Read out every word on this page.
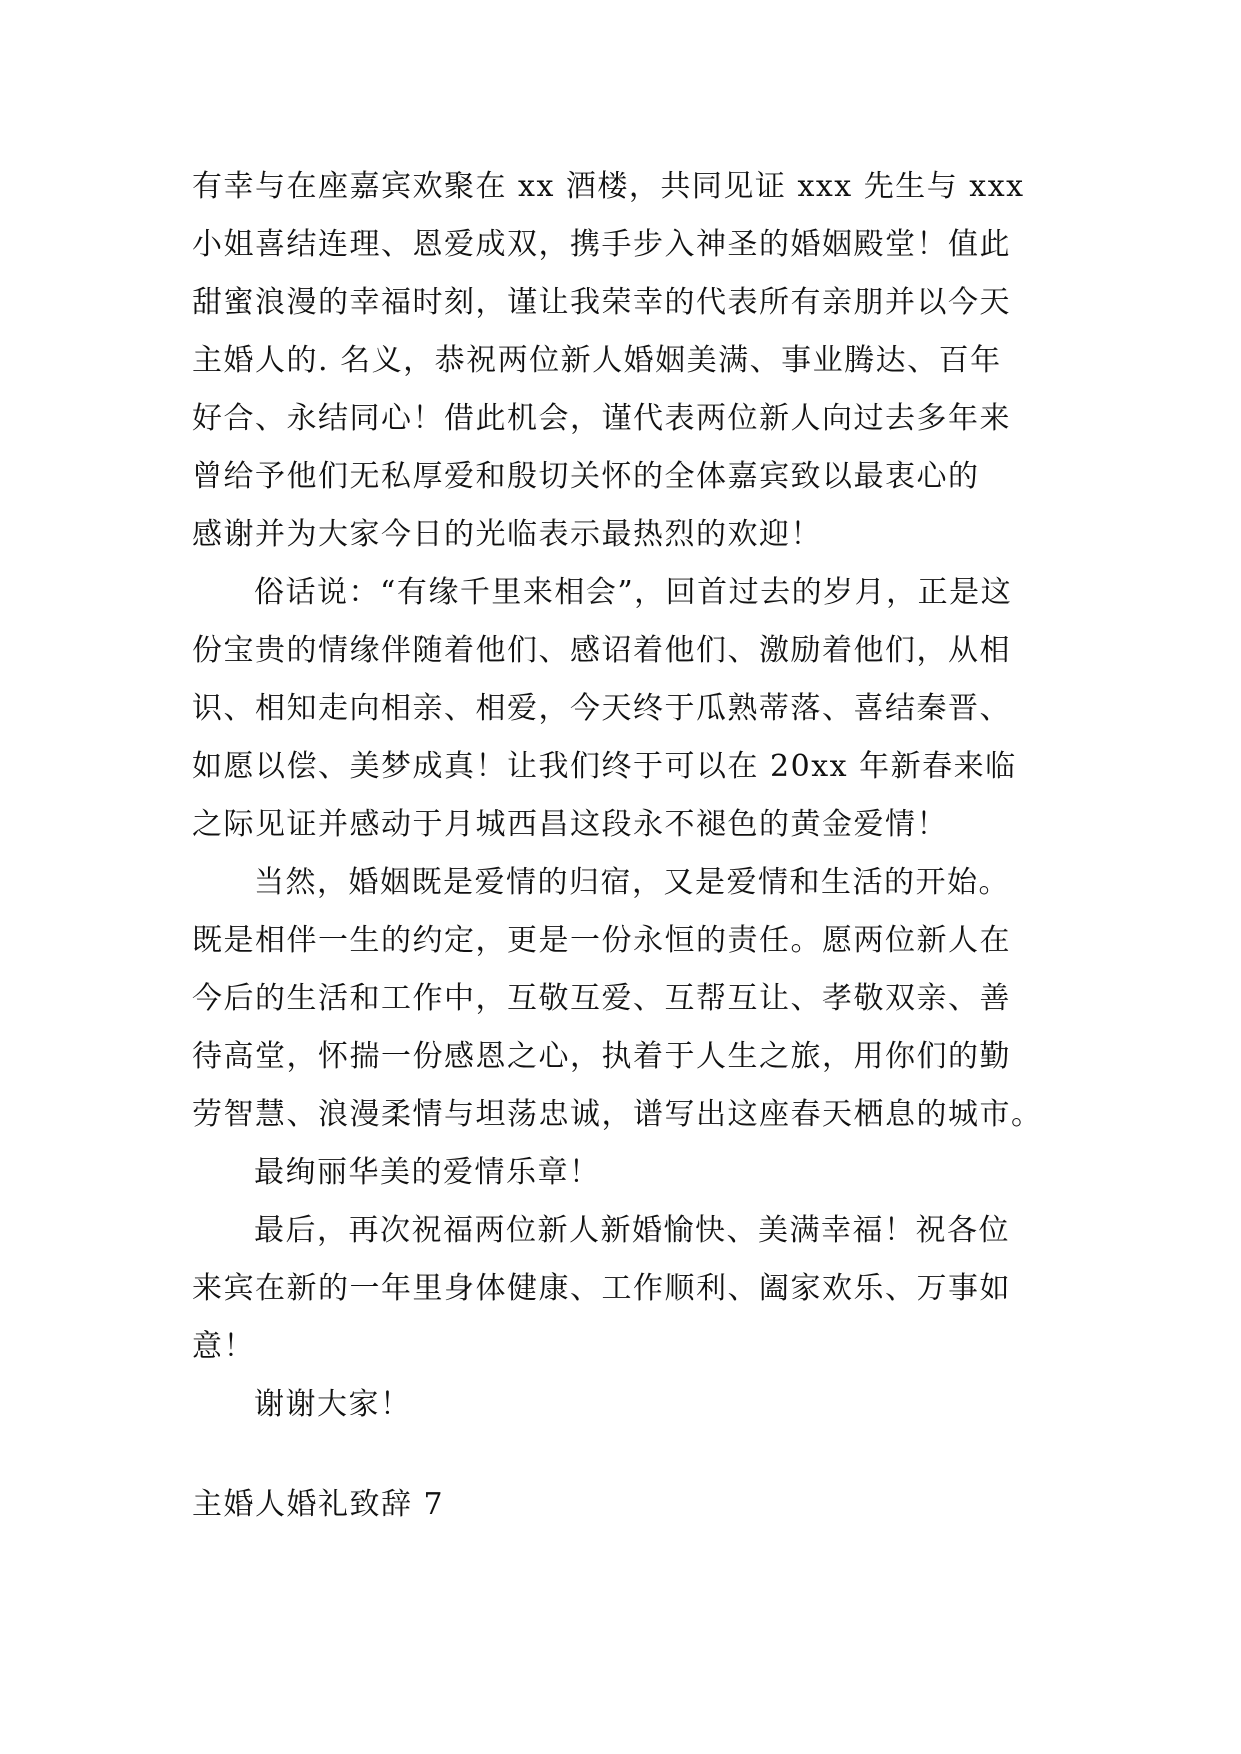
有幸与在座嘉宾欢聚在 xx 酒楼，共同见证 xxx 先生与 xxx
小姐喜结连理、恩爱成双，携手步入神圣的婚姻殿堂！值此
甜蜜浪漫的幸福时刻，谨让我荣幸的代表所有亲朋并以今天
主婚人的. 名义，恭祝两位新人婚姻美满、事业腾达、百年
好合、永结同心！借此机会，谨代表两位新人向过去多年来
曾给予他们无私厚爱和殷切关怀的全体嘉宾致以最衷心的
感谢并为大家今日的光临表示最热烈的欢迎！
俗话说：“有缘千里来相会”，回首过去的岁月，正是这
份宝贵的情缘伴随着他们、感诏着他们、激励着他们，从相
识、相知走向相亲、相爱，今天终于瓜熟蒂落、喜结秦晋、
如愿以偿、美梦成真！让我们终于可以在 20xx 年新春来临
之际见证并感动于月城西昌这段永不褪色的黄金爱情！
当然，婚姻既是爱情的归宿，又是爱情和生活的开始。
既是相伴一生的约定，更是一份永恒的责任。愿两位新人在
今后的生活和工作中，互敬互爱、互帮互让、孝敬双亲、善
待高堂，怀揣一份感恩之心，执着于人生之旅，用你们的勤
劳智慧、浪漫柔情与坦荡忠诚，谱写出这座春天栖息的城市。
最绚丽华美的爱情乐章！
最后，再次祝福两位新人新婚愉快、美满幸福！祝各位
来宾在新的一年里身体健康、工作顺利、阖家欢乐、万事如
意！
谢谢大家！
主婚人婚礼致辞 7
